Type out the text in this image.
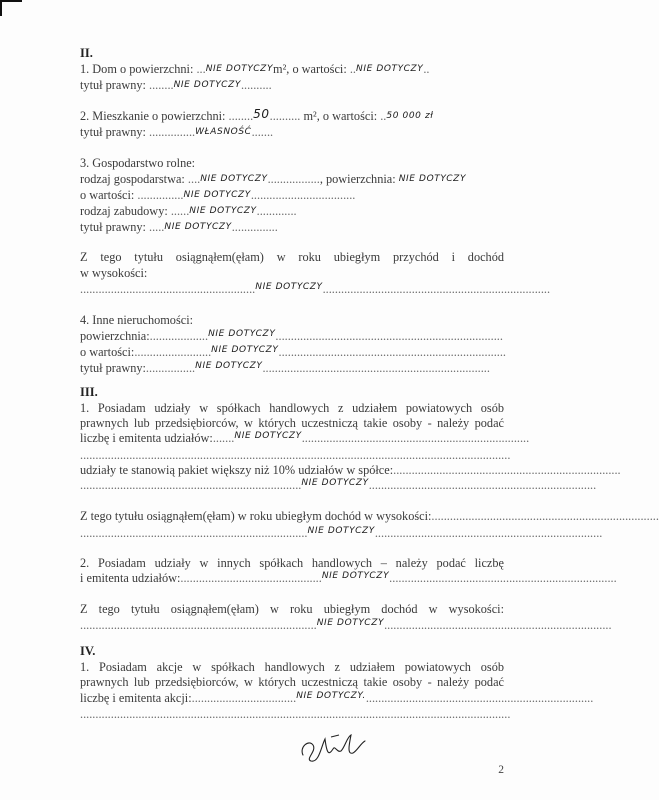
II.
1. Dom o powierzchni: ...NIE DOTYCZYm², o wartości: ..NIE DOTYCZY..
tytuł prawny: ........NIE DOTYCZY..........
2. Mieszkanie o powierzchni: ........50.......... m², o wartości: ..50 000 zł
tytuł prawny: ...............WŁASNOŚĆ.......
3. Gospodarstwo rolne:
rodzaj gospodarstwa: ....NIE DOTYCZY................., powierzchnia: NIE DOTYCZY
o wartości: ...............NIE DOTYCZY..................................
rodzaj zabudowy: ......NIE DOTYCZY.............
tytuł prawny: .....NIE DOTYCZY...............
Z tego tytułu osiągnąłem(ęłam) w roku ubiegłym przychód i dochód
w wysokości:
......................................................... NIE DOTYCZY ..........................................................................
4. Inne nieruchomości:
powierzchnia: ................... NIE DOTYCZY ..........................................................................
o wartości: ......................... NIE DOTYCZY ..........................................................................
tytuł prawny: ................ NIE DOTYCZY ..........................................................................
III.
1. Posiadam udziały w spółkach handlowych z udziałem powiatowych osób
prawnych lub przedsiębiorców, w których uczestniczą takie osoby - należy podać
liczbę i emitenta udziałów: ....... NIE DOTYCZY ..........................................................................
............................................................................................................................................
udziały te stanowią pakiet większy niż 10% udziałów w spółce: ..........................................................................
........................................................................ NIE DOTYCZY ..........................................................................
Z tego tytułu osiągnąłem(ęłam) w roku ubiegłym dochód w wysokości: ..........................................................................
.......................................................................... NIE DOTYCZY ..........................................................................
2. Posiadam udziały w innych spółkach handlowych – należy podać liczbę
i emitenta udziałów: .............................................. NIE DOTYCZY ..........................................................................
Z tego tytułu osiągnąłem(ęłam) w roku ubiegłym dochód w wysokości:
............................................................................. NIE DOTYCZY ..........................................................................
IV.
1. Posiadam akcje w spółkach handlowych z udziałem powiatowych osób
prawnych lub przedsiębiorców, w których uczestniczą takie osoby - należy podać
liczbę i emitenta akcji: .................................. NIE DOTYCZY. ..........................................................................
............................................................................................................................................
2
